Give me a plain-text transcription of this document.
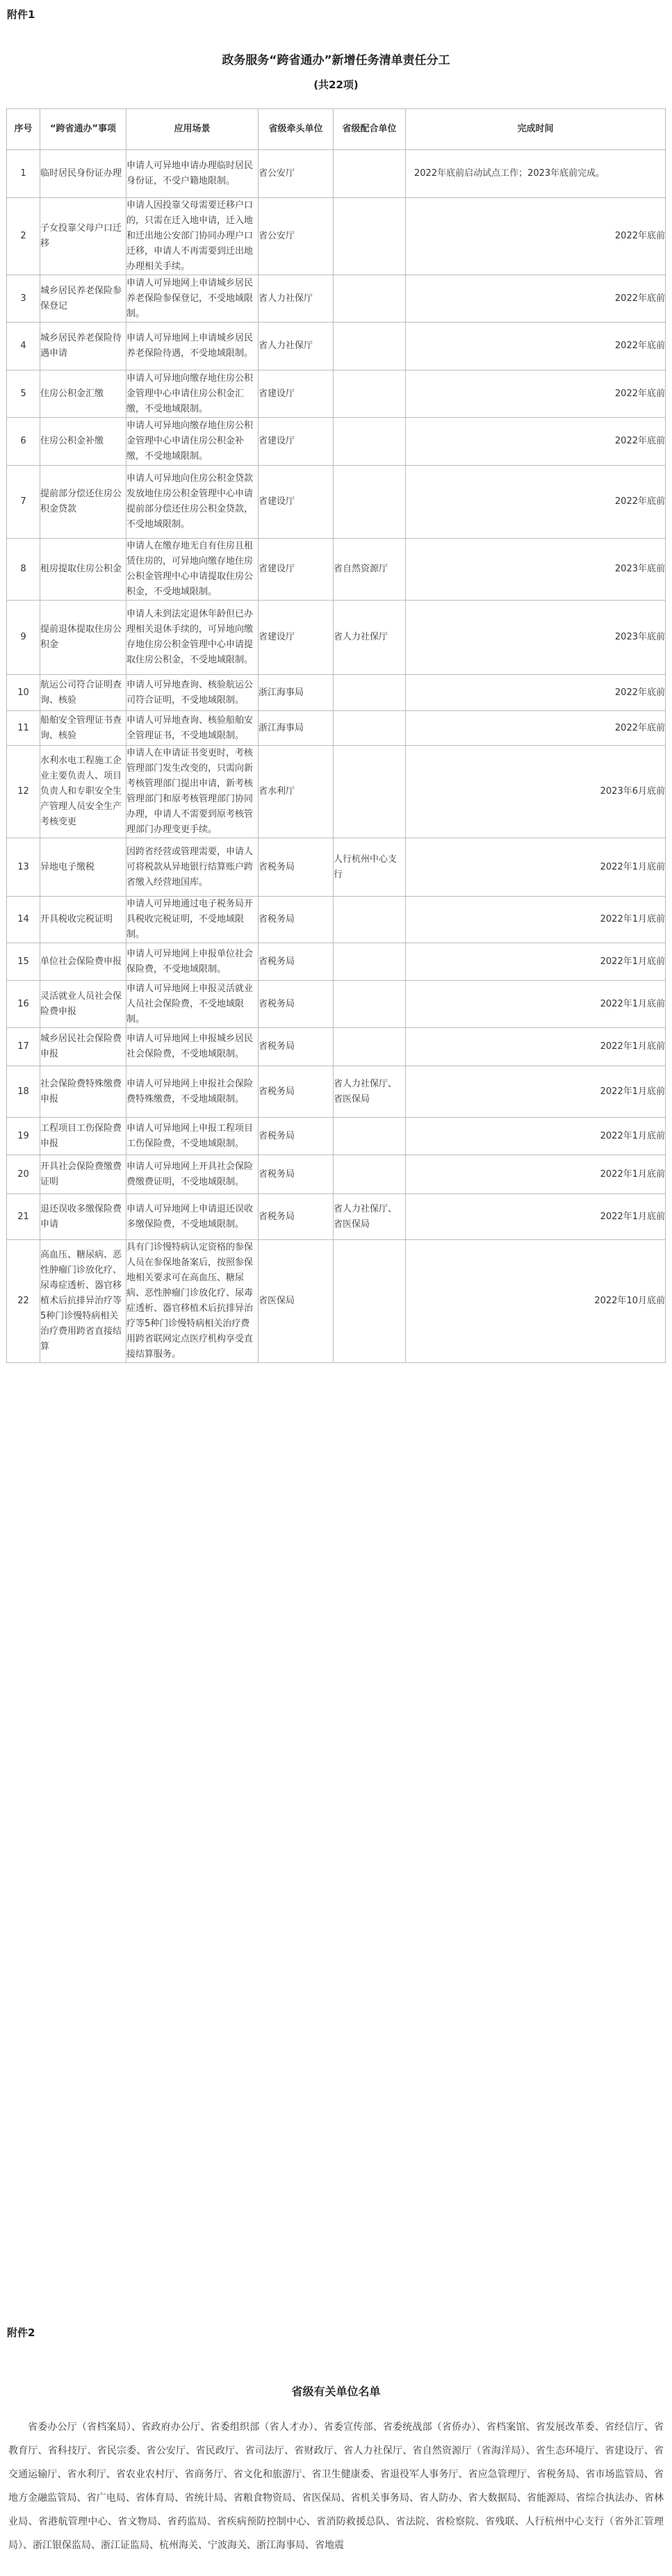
附件1
政务服务“跨省通办”新增任务清单责任分工
(共22项)
序号	“跨省通办”事项	应用场景	省级牵头单位	省级配合单位	完成时间
1	临时居民身份证办理	申请人可异地申请办理临时居民身份证，不受户籍地限制。	省公安厅		2022年底前启动试点工作；2023年底前完成。
2	子女投靠父母户口迁移	申请人因投靠父母需要迁移户口的，只需在迁入地申请，迁入地和迁出地公安部门协同办理户口迁移，申请人不再需要到迁出地办理相关手续。	省公安厅		2022年底前
3	城乡居民养老保险参保登记	申请人可异地网上申请城乡居民养老保险参保登记，不受地域限制。	省人力社保厅		2022年底前
4	城乡居民养老保险待遇申请	申请人可异地网上申请城乡居民养老保险待遇，不受地域限制。	省人力社保厅		2022年底前
5	住房公积金汇缴	申请人可异地向缴存地住房公积金管理中心申请住房公积金汇缴，不受地域限制。	省建设厅		2022年底前
6	住房公积金补缴	申请人可异地向缴存地住房公积金管理中心申请住房公积金补缴，不受地域限制。	省建设厅		2022年底前
7	提前部分偿还住房公积金贷款	申请人可异地向住房公积金贷款发放地住房公积金管理中心申请提前部分偿还住房公积金贷款，不受地域限制。	省建设厅		2022年底前
8	租房提取住房公积金	申请人在缴存地无自有住房且租赁住房的，可异地向缴存地住房公积金管理中心申请提取住房公积金，不受地域限制。	省建设厅	省自然资源厅	2023年底前
9	提前退休提取住房公积金	申请人未到法定退休年龄但已办理相关退休手续的，可异地向缴存地住房公积金管理中心申请提取住房公积金，不受地域限制。	省建设厅	省人力社保厅	2023年底前
10	航运公司符合证明查询、核验	申请人可异地查询、核验航运公司符合证明，不受地域限制。	浙江海事局		2022年底前
11	船舶安全管理证书查询、核验	申请人可异地查询、核验船舶安全管理证书，不受地域限制。	浙江海事局		2022年底前
12	水利水电工程施工企业主要负责人、项目负责人和专职安全生产管理人员安全生产考核变更	申请人在申请证书变更时，考核管理部门发生改变的，只需向新考核管理部门提出申请，新考核管理部门和原考核管理部门协同办理，申请人不需要到原考核管理部门办理变更手续。	省水利厅		2023年6月底前
13	异地电子缴税	因跨省经营或管理需要，申请人可将税款从异地银行结算账户跨省缴入经营地国库。	省税务局	人行杭州中心支行	2022年1月底前
14	开具税收完税证明	申请人可异地通过电子税务局开具税收完税证明，不受地域限制。	省税务局		2022年1月底前
15	单位社会保险费申报	申请人可异地网上申报单位社会保险费，不受地域限制。	省税务局		2022年1月底前
16	灵活就业人员社会保险费申报	申请人可异地网上申报灵活就业人员社会保险费，不受地域限制。	省税务局		2022年1月底前
17	城乡居民社会保险费申报	申请人可异地网上申报城乡居民社会保险费，不受地域限制。	省税务局		2022年1月底前
18	社会保险费特殊缴费申报	申请人可异地网上申报社会保险费特殊缴费，不受地域限制。	省税务局	省人力社保厅、省医保局	2022年1月底前
19	工程项目工伤保险费申报	申请人可异地网上申报工程项目工伤保险费，不受地域限制。	省税务局		2022年1月底前
20	开具社会保险费缴费证明	申请人可异地网上开具社会保险费缴费证明，不受地域限制。	省税务局		2022年1月底前
21	退还误收多缴保险费申请	申请人可异地网上申请退还误收多缴保险费，不受地域限制。	省税务局	省人力社保厅、省医保局	2022年1月底前
22	高血压、糖尿病、恶性肿瘤门诊放化疗、尿毒症透析、器官移植术后抗排异治疗等5种门诊慢特病相关治疗费用跨省直接结算	具有门诊慢特病认定资格的参保人员在参保地备案后，按照参保地相关要求可在高血压、糖尿病、恶性肿瘤门诊放化疗、尿毒症透析、器官移植术后抗排异治疗等5种门诊慢特病相关治疗费用跨省联网定点医疗机构享受直接结算服务。	省医保局		2022年10月底前
附件2
省级有关单位名单
省委办公厅（省档案局）、省政府办公厅、省委组织部（省人才办）、省委宣传部、省委统战部（省侨办）、省档案馆、省发展改革委、省经信厅、省教育厅、省科技厅、省民宗委、省公安厅、省民政厅、省司法厅、省财政厅、省人力社保厅、省自然资源厅（省海洋局）、省生态环境厅、省建设厅、省交通运输厅、省水利厅、省农业农村厅、省商务厅、省文化和旅游厅、省卫生健康委、省退役军人事务厅、省应急管理厅、省税务局、省市场监管局、省地方金融监管局、省广电局、省体育局、省统计局、省粮食物资局、省医保局、省机关事务局、省人防办、省大数据局、省能源局、省综合执法办、省林业局、省港航管理中心、省文物局、省药监局、省疾病预防控制中心、省消防救援总队、省法院、省检察院、省残联、人行杭州中心支行（省外汇管理局）、浙江银保监局、浙江证监局、杭州海关、宁波海关、浙江海事局、省地震
